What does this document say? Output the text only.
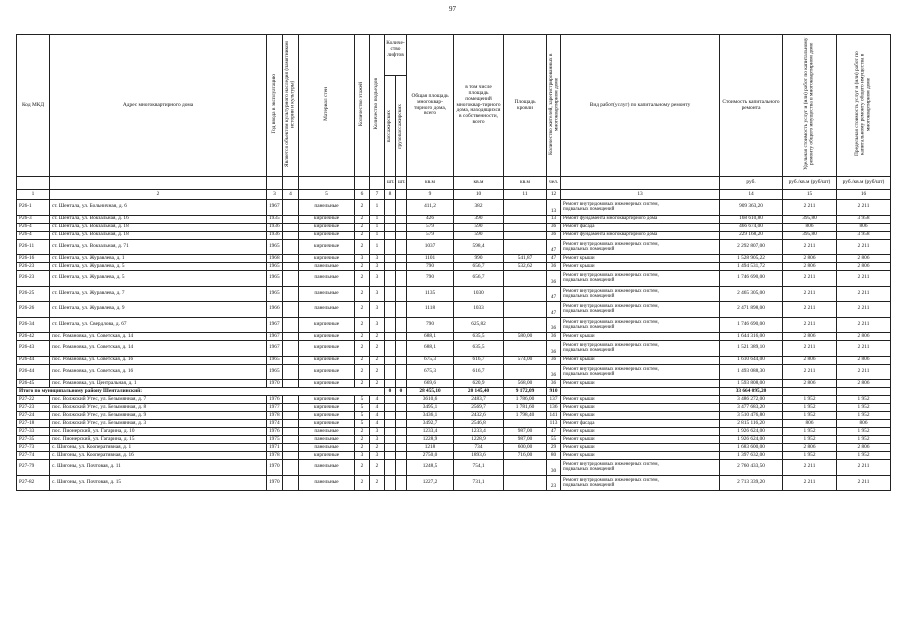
97
Код МКД	Адрес многоквартирного дома	Год ввода в эксплуатацию	Является объектом культурного наследия (памятником истории и культуры)	Материал стен	Количество этажей	Количество подъездов	Количе-ство лифтов
пассажирских грузопассажирских		Общая площадь многоквар-тирного дома, всего	в том числе площадь помещений многоквар-тирного дома, находящихся в собственности, всего	Площадь кровли	Количество жителей, зарегистрированных в многоквартирном доме	Вид работ(услуг) по капитальному ремонту	Стоимость капитального ремонта	Удельная стоимость услуг и (или) работ по капитальному ремонту общего имущества в многоквартирном доме	Предельная стоимость услуг и (или) работ по капитальному ремонту общего имущества в многоквартирном доме

							шт.	шт.	кв.м	кв.м	кв.м	чел.		руб.	руб./кв.м (руб/шт)	руб./кв.м (руб/шт)
1	2	3	4	5	6	7	8		9	10	11	12	13	14	15	16
Р26-1	ст. Шентала, ул. Больничная, д. 6	1967		панельные	2	1			411,2	382		13	Ремонт внутридомовых инженерных систем,
подвальных помещений	909 363,20	2 211	2 211
Р26-3	ст. Шентала, ул. Вокзальная, д. 16	1935		кирпичные	2	1			426	390		13	Ремонт фундамента многоквартирного дома	168 610,80	395,80	3 958
Р26-4	ст. Шентала, ул. Вокзальная, д. 18	1936		кирпичные	2	1			579	590		36	Ремонт фасада	466 674,00	806	806
Р26-4	ст. Шентала, ул. Вокзальная, д. 18	1936		кирпичные	2	1			579	590		36	Ремонт фундамента многоквартирного дома	229 168,20	395,80	3 958
Р26-11	ст. Шентала, ул. Вокзальная, д. 71	1965		кирпичные	2	1			1037	598,4		47	Ремонт внутридомовых инженерных систем,
подвальных помещений	2 292 807,00	2 211	2 211
Р26-16	ст. Шентала, ул. Журавлева, д. 1	1968		кирпичные	3	3			1101	990	541,87	47	Ремонт крыши	1 528 905,22	2 806	2 806
Р26-23	ст. Шентала, ул. Журавлева, д. 5	1965		панельные	2	3			790	656,7	532,62	36	Ремонт крыши	1 494 531,72	2 806	2 806
Р26-23	ст. Шентала, ул. Журавлева, д. 5	1965		панельные	2	3			790	656,7		36	Ремонт внутридомовых инженерных систем,
подвальных помещений	1 746 690,00	2 211	2 211
Р26-25	ст. Шентала, ул. Журавлева, д. 7	1965		панельные	2	3			1135	1030		47	Ремонт внутридомовых инженерных систем,
подвальных помещений	2 465 305,00	2 211	2 211
Р26-26	ст. Шентала, ул. Журавлева, д. 9	1966		панельные	2	3			1118	1033		47	Ремонт внутридомовых инженерных систем,
подвальных помещений	2 471 898,00	2 211	2 211
Р26-34	ст. Шентала, ул. Свердлова, д. 67	1967		кирпичные	2	3			790	625,82		36	Ремонт внутридомовых инженерных систем,
подвальных помещений	1 746 690,00	2 211	2 211
Р26-42	пос. Романовка, ул. Советская, д. 14	1967		кирпичные	2	2			688,1	635,5	580,00	36	Ремонт крыши	1 644 316,00	2 806	2 806
Р26-43	пос. Романовка, ул. Советская, д. 14	1967		кирпичные	2	2			688,1	635,5		36	Ремонт внутридомовых инженерных систем,
подвальных помещений	1 521 389,10	2 211	2 211
Р26-44	пос. Романовка, ул. Советская, д. 16	1965		кирпичные	2	2			675,3	616,7	574,00	36	Ремонт крыши	1 610 644,00	2 806	2 806
Р26-44	пос. Романовка, ул. Советская, д. 16	1965		кирпичные	2	2			675,3	616,7		36	Ремонт внутридомовых инженерных систем,
подвальных помещений	1 493 088,30	2 211	2 211
Р26-45	пос. Романовка, ул. Центральная, д. 1	1970		кирпичные	2	2			669,6	620,9	568,00	36	Ремонт крыши	1 593 808,00	2 806	2 806
Итого по муниципальному району Шенталинский:							0	0	28 455,10	20 145,40	9 172,09	910		33 664 095,20		
Р27-22	пос. Волжский Утес, ул. Безымянная, д. 7	1976		кирпичные	5	4			3610,6	2483,7	1 786,00	137	Ремонт крыши	3 486 272,00	1 952	1 952
Р27-23	пос. Волжский Утес, ул. Безымянная, д. 8	1977		кирпичные	5	4			3495,1	2569,7	1 781,60	136	Ремонт крыши	3 477 683,20	1 952	1 952
Р27-24	пос. Волжский Утес, ул. Безымянная, д. 9	1978		кирпичные	5	4			3436,1	2432,6	1 798,40	141	Ремонт крыши	3 510 476,80	1 952	1 952
Р27-18	пос. Волжский Утес, ул. Безымянная, д. 3	1974		кирпичные	5	4			3492,7	2546,8		113	Ремонт фасада	2 815 116,20	806	806
Р27-33	пос. Пионерский, ул. Гагарина, д. 10	1976		панельные	2	3			1233,4	1233,4	987,00	47	Ремонт крыши	1 926 624,00	1 952	1 952
Р27-35	пос. Пионерский, ул. Гагарина, д. 15	1975		панельные	2	3			1228,9	1228,9	987,00	55	Ремонт крыши	1 926 624,00	1 952	1 952
Р27-73	с. Шигоны, ул. Кооперативная, д. 1	1971		панельные	2	2			1218	734	600,00	29	Ремонт крыши	1 683 600,00	2 806	2 806
Р27-74	с. Шигоны, ул. Кооперативная, д. 16	1978		кирпичные	3	3			2750,0	1893,6	716,00	80	Ремонт крыши	1 397 632,00	1 952	1 952
Р27-79	с. Шигоны, ул. Почтовая, д. 11	1970		панельные	2	2			1248,5	754,1		30	Ремонт внутридомовых инженерных систем,
подвальных помещений	2 760 433,50	2 211	2 211
Р27-82	с. Шигоны, ул. Почтовая, д. 15	1970		панельные	2	2			1227,2	731,1		23	Ремонт внутридомовых инженерных систем,
подвальных помещений	2 713 339,20	2 211	2 211
